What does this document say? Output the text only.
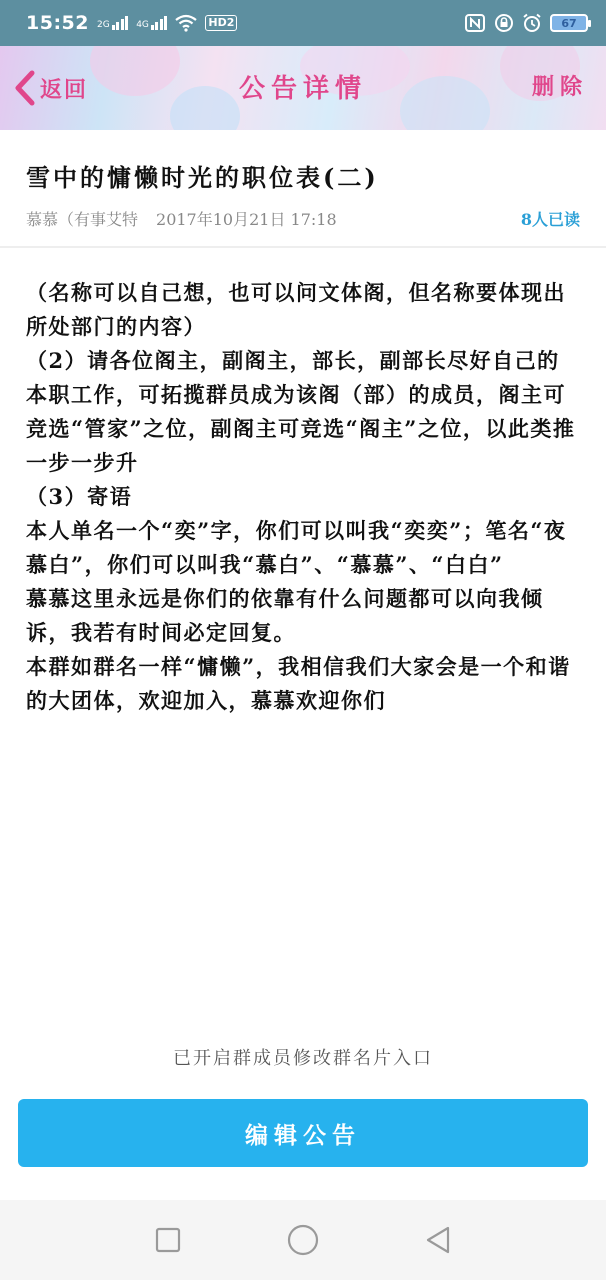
15:52 2G	4G	HD2	67
返回	公告详情	删除
雪中的慵懒时光的职位表(二)
慕慕（有事艾特 2017年10月21日 17:18	8人已读

（名称可以自己想，也可以问文体阁，但名称要体现出所处部门的内容）

（2）请各位阁主，副阁主，部长，副部长尽好自己的本职工作，可拓揽群员成为该阁（部）的成员，阁主可竞选“管家”之位，副阁主可竞选“阁主”之位，以此类推一步一步升

（3）寄语

本人单名一个“奕”字，你们可以叫我“奕奕”；笔名“夜慕白”，你们可以叫我“慕白”、“慕慕”、“白白”

慕慕这里永远是你们的依靠有什么问题都可以向我倾诉，我若有时间必定回复。

本群如群名一样“慵懒”，我相信我们大家会是一个和谐的大团体，欢迎加入，慕慕欢迎你们

已开启群成员修改群名片入口
编辑公告
